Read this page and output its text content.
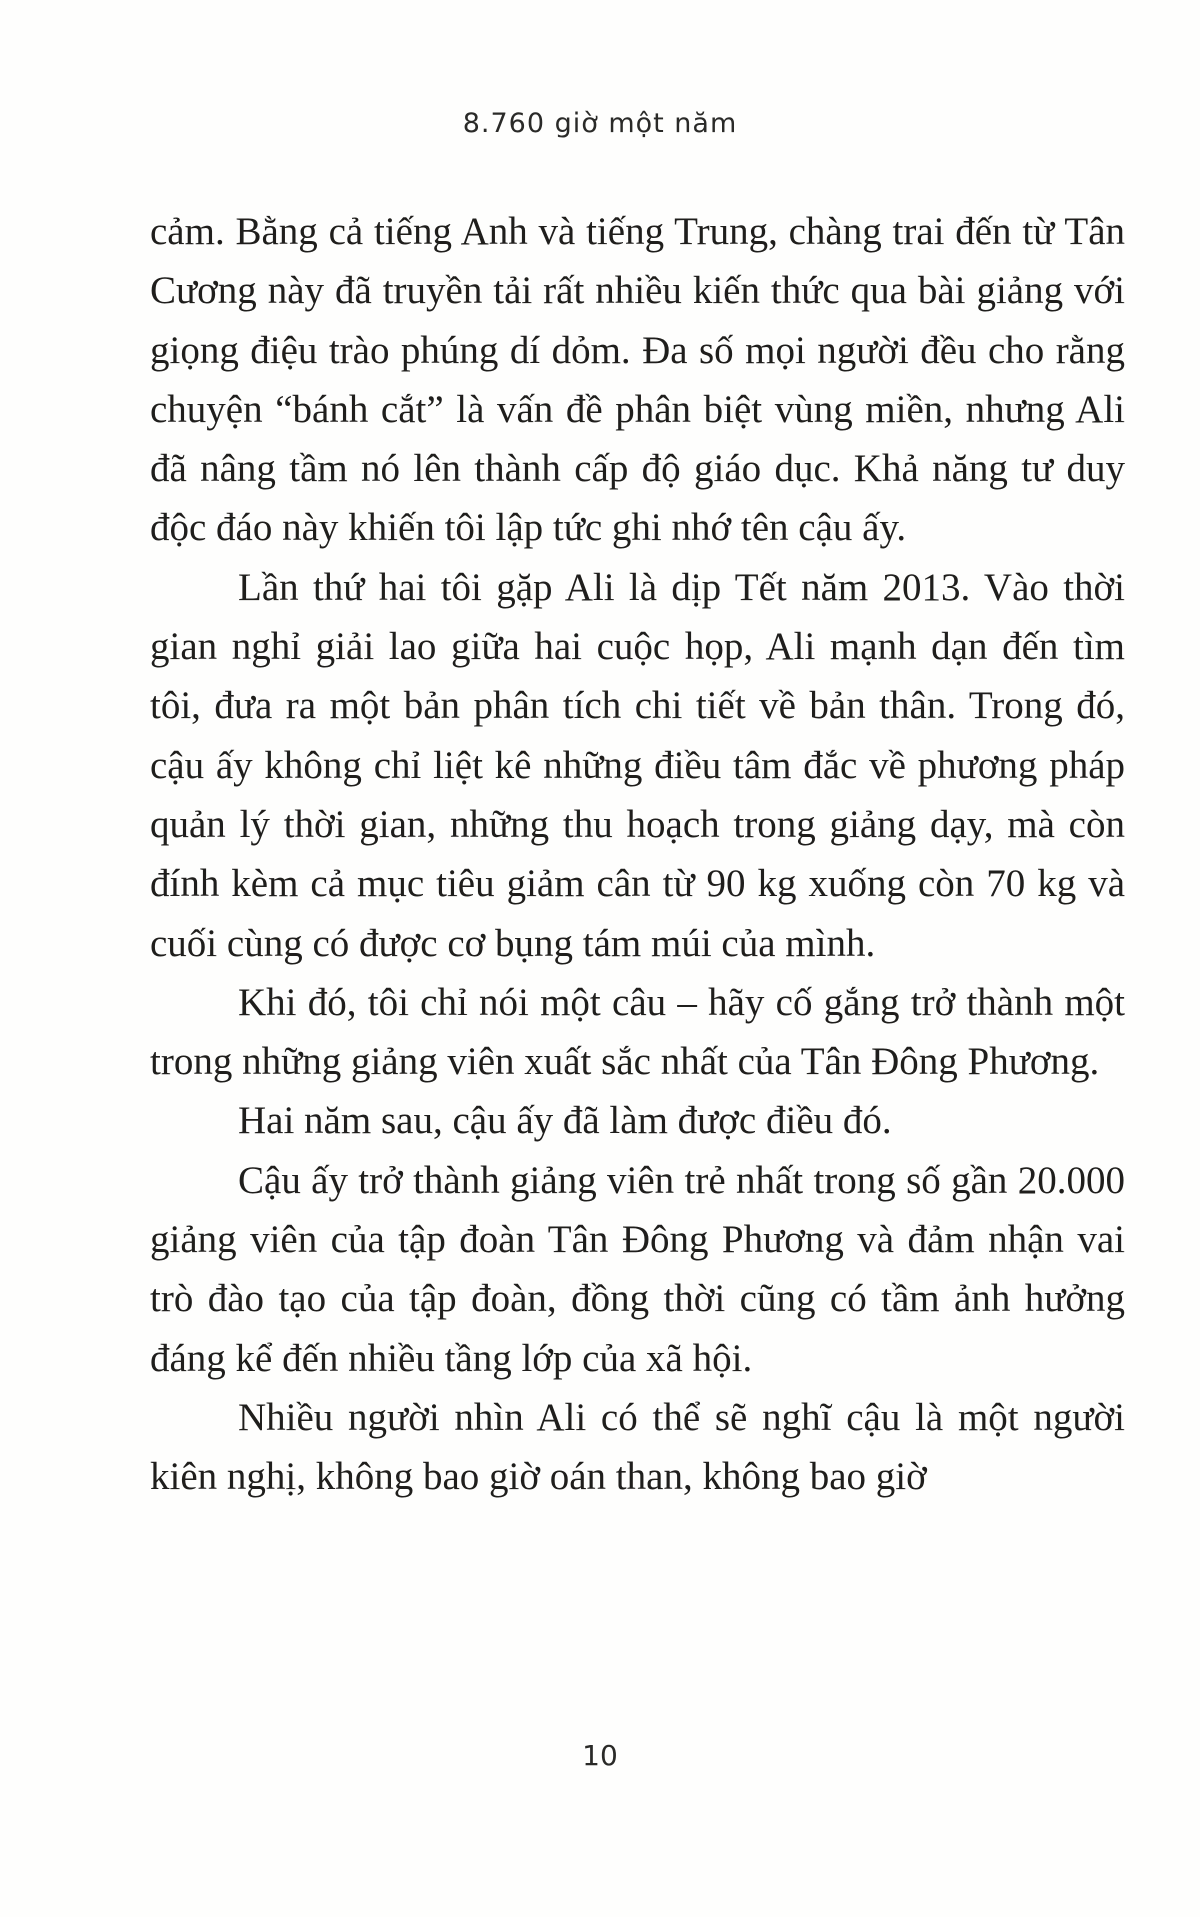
8.760 giờ một năm

cảm. Bằng cả tiếng Anh và tiếng Trung, chàng trai đến từ Tân Cương này đã truyền tải rất nhiều kiến thức qua bài giảng với giọng điệu trào phúng dí dỏm. Đa số mọi người đều cho rằng chuyện “bánh cắt” là vấn đề phân biệt vùng miền, nhưng Ali đã nâng tầm nó lên thành cấp độ giáo dục. Khả năng tư duy độc đáo này khiến tôi lập tức ghi nhớ tên cậu ấy.

Lần thứ hai tôi gặp Ali là dịp Tết năm 2013. Vào thời gian nghỉ giải lao giữa hai cuộc họp, Ali mạnh dạn đến tìm tôi, đưa ra một bản phân tích chi tiết về bản thân. Trong đó, cậu ấy không chỉ liệt kê những điều tâm đắc về phương pháp quản lý thời gian, những thu hoạch trong giảng dạy, mà còn đính kèm cả mục tiêu giảm cân từ 90 kg xuống còn 70 kg và cuối cùng có được cơ bụng tám múi của mình.

Khi đó, tôi chỉ nói một câu – hãy cố gắng trở thành một trong những giảng viên xuất sắc nhất của Tân Đông Phương.

Hai năm sau, cậu ấy đã làm được điều đó.

Cậu ấy trở thành giảng viên trẻ nhất trong số gần 20.000 giảng viên của tập đoàn Tân Đông Phương và đảm nhận vai trò đào tạo của tập đoàn, đồng thời cũng có tầm ảnh hưởng đáng kể đến nhiều tầng lớp của xã hội.

Nhiều người nhìn Ali có thể sẽ nghĩ cậu là một người kiên nghị, không bao giờ oán than, không bao giờ

10
